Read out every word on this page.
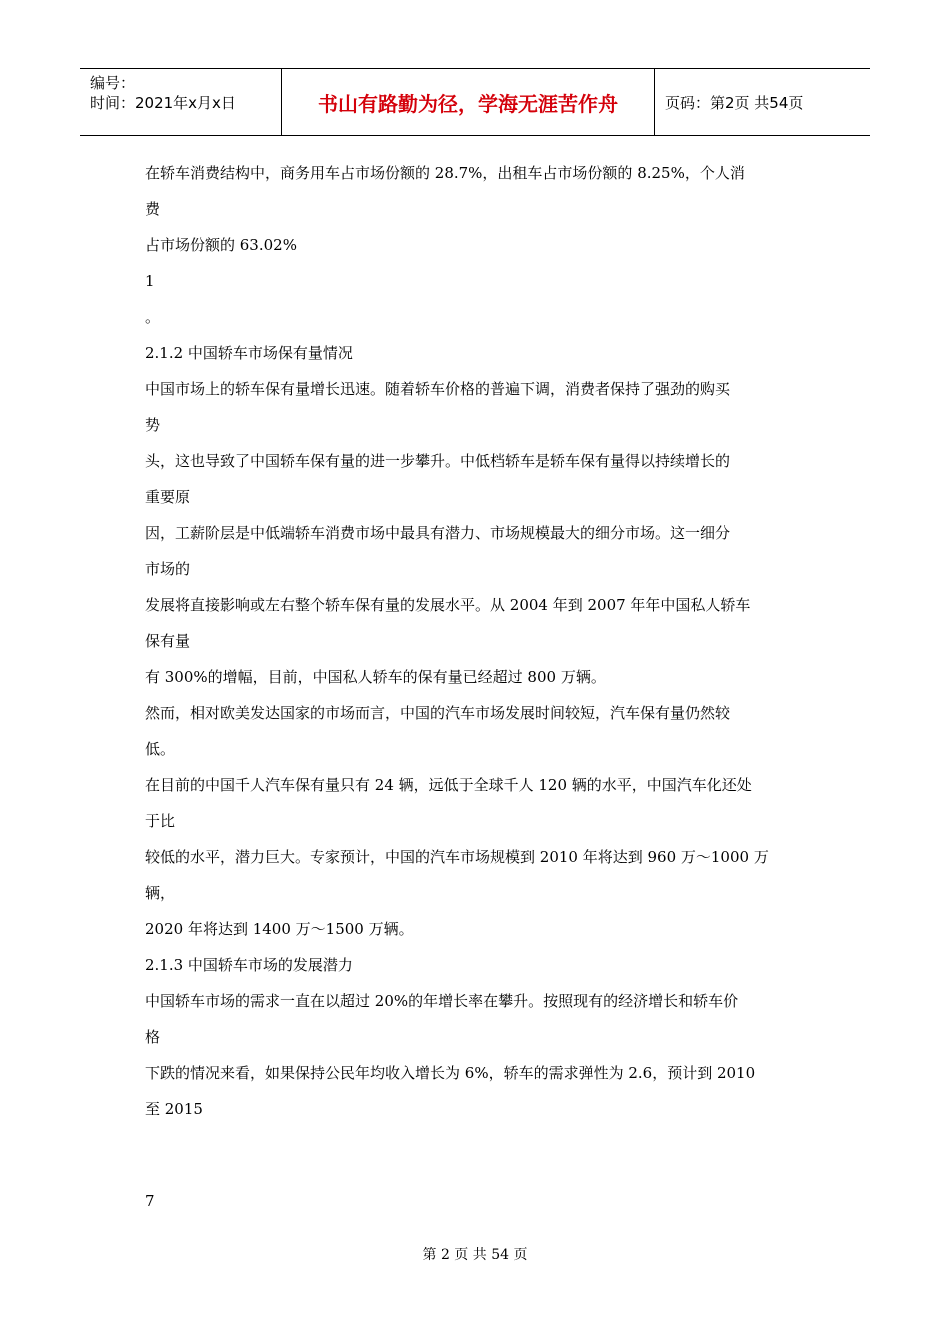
编号：
时间：2021年x月x日	书山有路勤为径，学海无涯苦作舟	页码：第2页 共54页
在轿车消费结构中，商务用车占市场份额的 28.7%，出租车占市场份额的 8.25%，个人消
费
占市场份额的 63.02%
1
。
2.1.2 中国轿车市场保有量情况
中国市场上的轿车保有量增长迅速。随着轿车价格的普遍下调，消费者保持了强劲的购买
势
头，这也导致了中国轿车保有量的进一步攀升。中低档轿车是轿车保有量得以持续增长的
重要原
因，工薪阶层是中低端轿车消费市场中最具有潜力、市场规模最大的细分市场。这一细分
市场的
发展将直接影响或左右整个轿车保有量的发展水平。从 2004 年到 2007 年年中国私人轿车
保有量
有 300%的增幅，目前，中国私人轿车的保有量已经超过 800 万辆。
然而，相对欧美发达国家的市场而言，中国的汽车市场发展时间较短，汽车保有量仍然较
低。
在目前的中国千人汽车保有量只有 24 辆，远低于全球千人 120 辆的水平，中国汽车化还处
于比
较低的水平，潜力巨大。专家预计，中国的汽车市场规模到 2010 年将达到 960 万～1000 万
辆，
2020 年将达到 1400 万～1500 万辆。
2.1.3 中国轿车市场的发展潜力
中国轿车市场的需求一直在以超过 20%的年增长率在攀升。按照现有的经济增长和轿车价
格
下跌的情况来看，如果保持公民年均收入增长为 6%，轿车的需求弹性为 2.6，预计到 2010
至 2015
7
第 2 页 共 54 页
